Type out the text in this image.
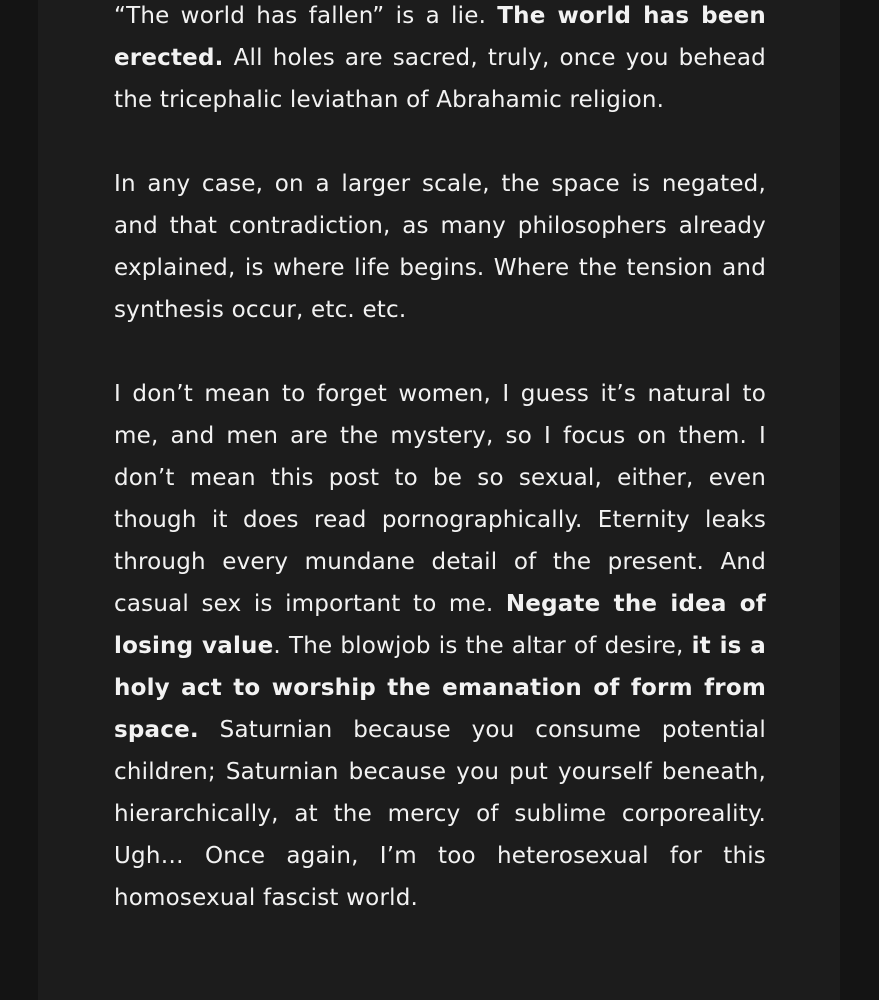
“The world has fallen” is a lie. The world has been erected. All holes are sacred, truly, once you behead the tricephalic leviathan of Abrahamic religion.

In any case, on a larger scale, the space is negated, and that contradiction, as many philosophers already explained, is where life begins. Where the tension and synthesis occur, etc. etc.

I don’t mean to forget women, I guess it’s natural to me, and men are the mystery, so I focus on them. I don’t mean this post to be so sexual, either, even though it does read pornographically. Eternity leaks through every mundane detail of the present. And casual sex is important to me. Negate the idea of losing value. The blowjob is the altar of desire, it is a holy act to worship the emanation of form from space. Saturnian because you consume potential children; Saturnian because you put yourself beneath, hierarchically, at the mercy of sublime corporeality. Ugh… Once again, I’m too heterosexual for this homosexual fascist world.
